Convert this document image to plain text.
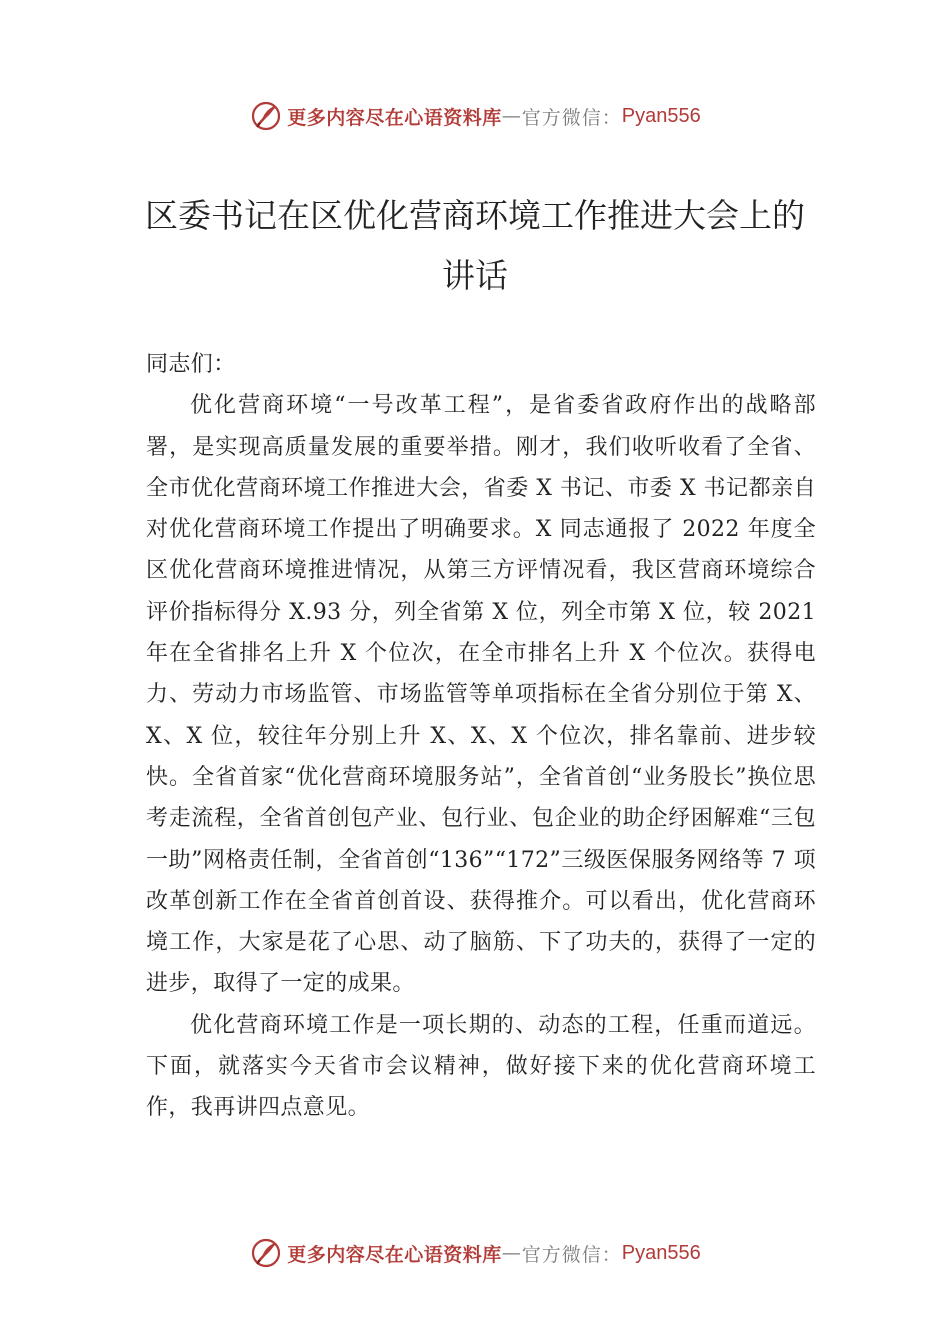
更多内容尽在心语资料库 — 官方微信： Pyan556
区委书记在区优化营商环境工作推进大会上的讲话

同志们：

优化营商环境“一号改革工程”，是省委省政府作出的战略部署，是实现高质量发展的重要举措。刚才，我们收听收看了全省、全市优化营商环境工作推进大会，省委 X 书记、市委 X 书记都亲自对优化营商环境工作提出了明确要求。X 同志通报了 2022 年度全区优化营商环境推进情况，从第三方评情况看，我区营商环境综合评价指标得分 X.93 分，列全省第 X 位，列全市第 X 位，较 2021 年在全省排名上升 X 个位次，在全市排名上升 X 个位次。获得电力、劳动力市场监管、市场监管等单项指标在全省分别位于第 X、X、X 位，较往年分别上升 X、X、X 个位次，排名靠前、进步较快。全省首家“优化营商环境服务站”，全省首创“业务股长”换位思考走流程，全省首创包产业、包行业、包企业的助企纾困解难“三包一助”网格责任制，全省首创“136”“172”三级医保服务网络等 7 项改革创新工作在全省首创首设、获得推介。可以看出，优化营商环境工作，大家是花了心思、动了脑筋、下了功夫的，获得了一定的进步，取得了一定的成果。

优化营商环境工作是一项长期的、动态的工程，任重而道远。下面，就落实今天省市会议精神，做好接下来的优化营商环境工作，我再讲四点意见。

更多内容尽在心语资料库 — 官方微信： Pyan556
